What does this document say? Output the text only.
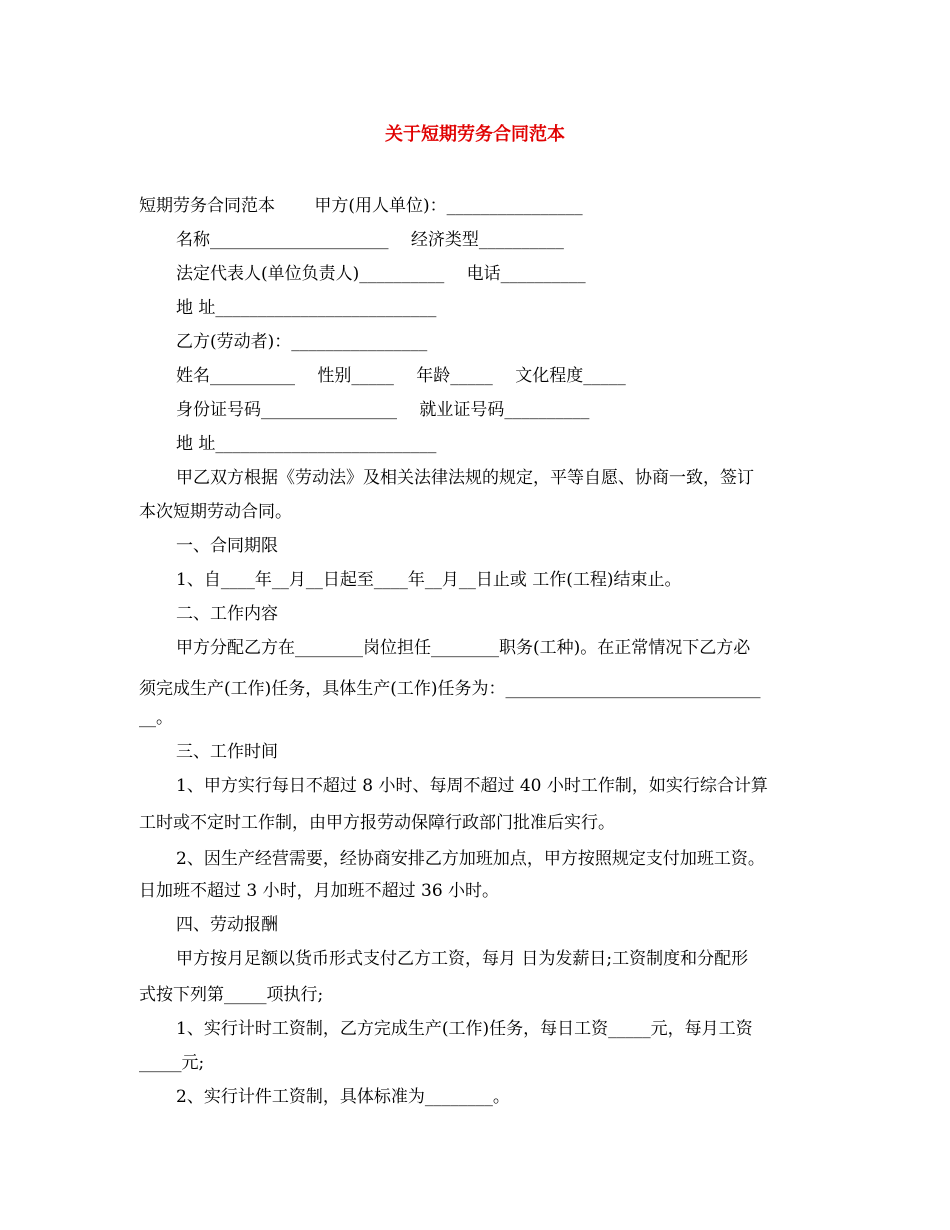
关于短期劳务合同范本
短期劳务合同范本　　 甲方(用人单位)：________________
名称_____________________　 经济类型__________
法定代表人(单位负责人)__________　 电话__________
地 址__________________________
乙方(劳动者)：________________
姓名__________　 性别_____　 年龄_____　 文化程度_____
身份证号码________________　 就业证号码__________
地 址__________________________
甲乙双方根据《劳动法》及相关法律法规的规定，平等自愿、协商一致，签订
本次短期劳动合同。
一、合同期限
1、自____年__月__日起至____年__月__日止或 工作(工程)结束止。
二、工作内容
甲方分配乙方在________岗位担任________职务(工种)。在正常情况下乙方必
须完成生产(工作)任务，具体生产(工作)任务为：______________________________
__。
三、工作时间
1、甲方实行每日不超过 8 小时、每周不超过 40 小时工作制，如实行综合计算
工时或不定时工作制，由甲方报劳动保障行政部门批准后实行。
2、因生产经营需要，经协商安排乙方加班加点，甲方按照规定支付加班工资。
日加班不超过 3 小时，月加班不超过 36 小时。
四、劳动报酬
甲方按月足额以货币形式支付乙方工资，每月 日为发薪日;工资制度和分配形
式按下列第_____项执行;
1、实行计时工资制，乙方完成生产(工作)任务，每日工资_____元，每月工资
_____元;
2、实行计件工资制，具体标准为________。
